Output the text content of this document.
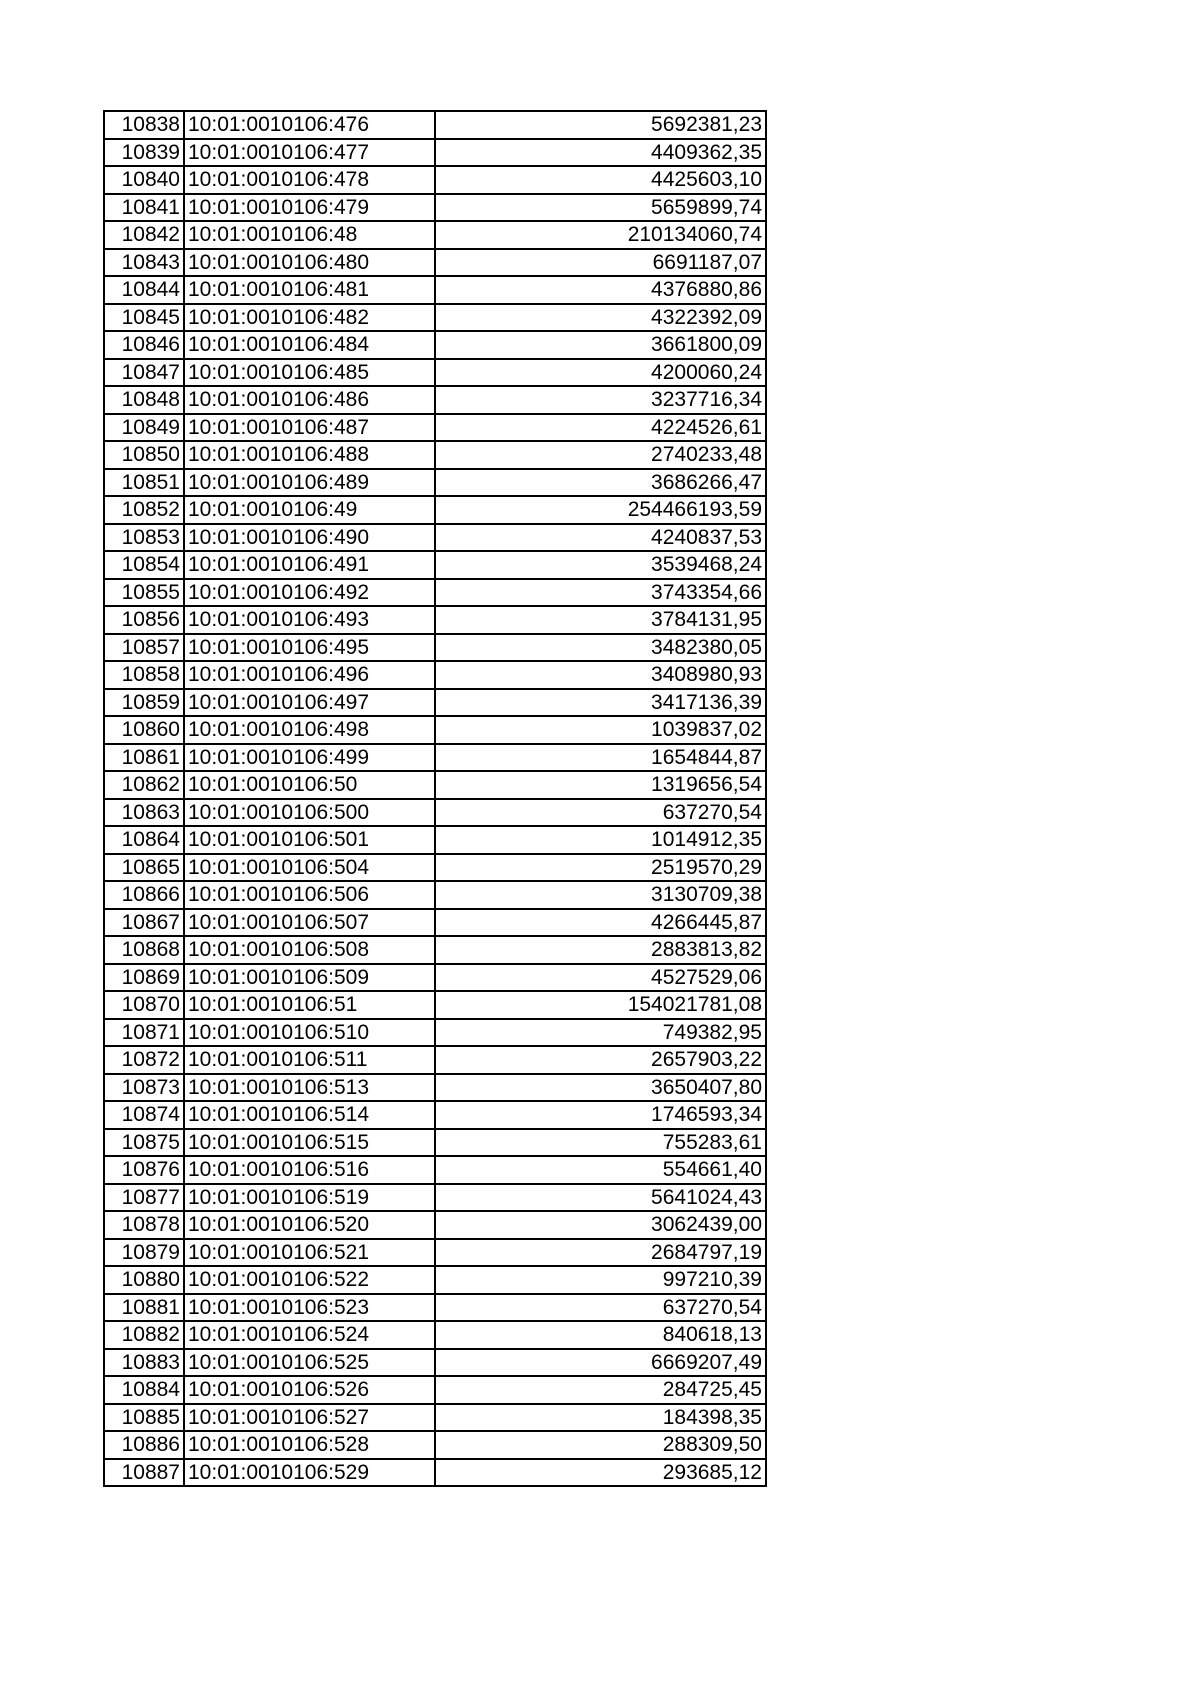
10838	10:01:0010106:476	5692381,23
10839	10:01:0010106:477	4409362,35
10840	10:01:0010106:478	4425603,10
10841	10:01:0010106:479	5659899,74
10842	10:01:0010106:48	210134060,74
10843	10:01:0010106:480	6691187,07
10844	10:01:0010106:481	4376880,86
10845	10:01:0010106:482	4322392,09
10846	10:01:0010106:484	3661800,09
10847	10:01:0010106:485	4200060,24
10848	10:01:0010106:486	3237716,34
10849	10:01:0010106:487	4224526,61
10850	10:01:0010106:488	2740233,48
10851	10:01:0010106:489	3686266,47
10852	10:01:0010106:49	254466193,59
10853	10:01:0010106:490	4240837,53
10854	10:01:0010106:491	3539468,24
10855	10:01:0010106:492	3743354,66
10856	10:01:0010106:493	3784131,95
10857	10:01:0010106:495	3482380,05
10858	10:01:0010106:496	3408980,93
10859	10:01:0010106:497	3417136,39
10860	10:01:0010106:498	1039837,02
10861	10:01:0010106:499	1654844,87
10862	10:01:0010106:50	1319656,54
10863	10:01:0010106:500	637270,54
10864	10:01:0010106:501	1014912,35
10865	10:01:0010106:504	2519570,29
10866	10:01:0010106:506	3130709,38
10867	10:01:0010106:507	4266445,87
10868	10:01:0010106:508	2883813,82
10869	10:01:0010106:509	4527529,06
10870	10:01:0010106:51	154021781,08
10871	10:01:0010106:510	749382,95
10872	10:01:0010106:511	2657903,22
10873	10:01:0010106:513	3650407,80
10874	10:01:0010106:514	1746593,34
10875	10:01:0010106:515	755283,61
10876	10:01:0010106:516	554661,40
10877	10:01:0010106:519	5641024,43
10878	10:01:0010106:520	3062439,00
10879	10:01:0010106:521	2684797,19
10880	10:01:0010106:522	997210,39
10881	10:01:0010106:523	637270,54
10882	10:01:0010106:524	840618,13
10883	10:01:0010106:525	6669207,49
10884	10:01:0010106:526	284725,45
10885	10:01:0010106:527	184398,35
10886	10:01:0010106:528	288309,50
10887	10:01:0010106:529	293685,12
